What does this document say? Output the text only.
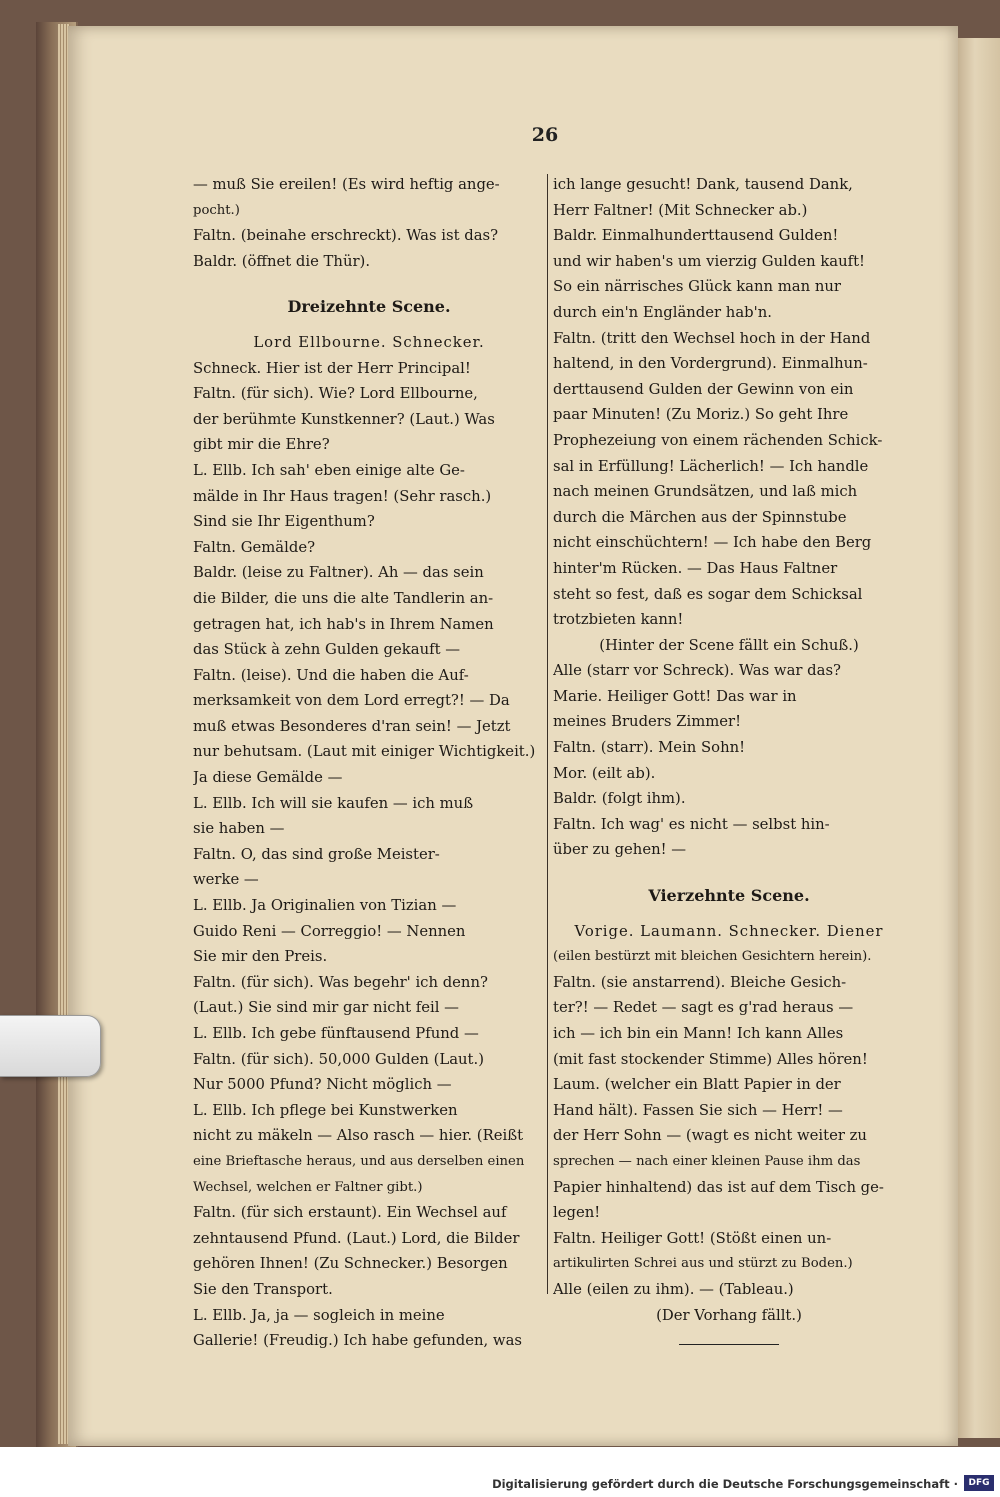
26
— muß Sie ereilen! (Es wird heftig ange-
pocht.)
Faltn. (beinahe erschreckt). Was ist das?
Baldr. (öffnet die Thür).
Dreizehnte Scene.
Lord Ellbourne. Schnecker.
Schneck. Hier ist der Herr Principal!
Faltn. (für sich). Wie? Lord Ellbourne,
der berühmte Kunstkenner? (Laut.) Was
gibt mir die Ehre?
L. Ellb. Ich sah' eben einige alte Ge-
mälde in Ihr Haus tragen! (Sehr rasch.)
Sind sie Ihr Eigenthum?
Faltn. Gemälde?
Baldr. (leise zu Faltner). Ah — das sein
die Bilder, die uns die alte Tandlerin an-
getragen hat, ich hab's in Ihrem Namen
das Stück à zehn Gulden gekauft —
Faltn. (leise). Und die haben die Auf-
merksamkeit von dem Lord erregt?! — Da
muß etwas Besonderes d'ran sein! — Jetzt
nur behutsam. (Laut mit einiger Wichtigkeit.)
Ja diese Gemälde —
L. Ellb. Ich will sie kaufen — ich muß
sie haben —
Faltn. O, das sind große Meister-
werke —
L. Ellb. Ja Originalien von Tizian —
Guido Reni — Correggio! — Nennen
Sie mir den Preis.
Faltn. (für sich). Was begehr' ich denn?
(Laut.) Sie sind mir gar nicht feil —
L. Ellb. Ich gebe fünftausend Pfund —
Faltn. (für sich). 50,000 Gulden (Laut.)
Nur 5000 Pfund? Nicht möglich —
L. Ellb. Ich pflege bei Kunstwerken
nicht zu mäkeln — Also rasch — hier. (Reißt
eine Brieftasche heraus, und aus derselben einen
Wechsel, welchen er Faltner gibt.)
Faltn. (für sich erstaunt). Ein Wechsel auf
zehntausend Pfund. (Laut.) Lord, die Bilder
gehören Ihnen! (Zu Schnecker.) Besorgen
Sie den Transport.
L. Ellb. Ja, ja — sogleich in meine
Gallerie! (Freudig.) Ich habe gefunden, was
ich lange gesucht! Dank, tausend Dank,
Herr Faltner! (Mit Schnecker ab.)
Baldr. Einmalhunderttausend Gulden!
und wir haben's um vierzig Gulden kauft!
So ein närrisches Glück kann man nur
durch ein'n Engländer hab'n.
Faltn. (tritt den Wechsel hoch in der Hand
haltend, in den Vordergrund). Einmalhun-
derttausend Gulden der Gewinn von ein
paar Minuten! (Zu Moriz.) So geht Ihre
Prophezeiung von einem rächenden Schick-
sal in Erfüllung! Lächerlich! — Ich handle
nach meinen Grundsätzen, und laß mich
durch die Märchen aus der Spinnstube
nicht einschüchtern! — Ich habe den Berg
hinter'm Rücken. — Das Haus Faltner
steht so fest, daß es sogar dem Schicksal
trotzbieten kann!
(Hinter der Scene fällt ein Schuß.)
Alle (starr vor Schreck). Was war das?
Marie. Heiliger Gott! Das war in
meines Bruders Zimmer!
Faltn. (starr). Mein Sohn!
Mor. (eilt ab).
Baldr. (folgt ihm).
Faltn. Ich wag' es nicht — selbst hin-
über zu gehen! —
Vierzehnte Scene.
Vorige. Laumann. Schnecker. Diener
(eilen bestürzt mit bleichen Gesichtern herein).
Faltn. (sie anstarrend). Bleiche Gesich-
ter?! — Redet — sagt es g'rad heraus —
ich — ich bin ein Mann! Ich kann Alles
(mit fast stockender Stimme) Alles hören!
Laum. (welcher ein Blatt Papier in der
Hand hält). Fassen Sie sich — Herr! —
der Herr Sohn — (wagt es nicht weiter zu
sprechen — nach einer kleinen Pause ihm das
Papier hinhaltend) das ist auf dem Tisch ge-
legen!
Faltn. Heiliger Gott! (Stößt einen un-
artikulirten Schrei aus und stürzt zu Boden.)
Alle (eilen zu ihm). — (Tableau.)
(Der Vorhang fällt.)
Digitalisierung gefördert durch die Deutsche Forschungsgemeinschaft ·	DFG
